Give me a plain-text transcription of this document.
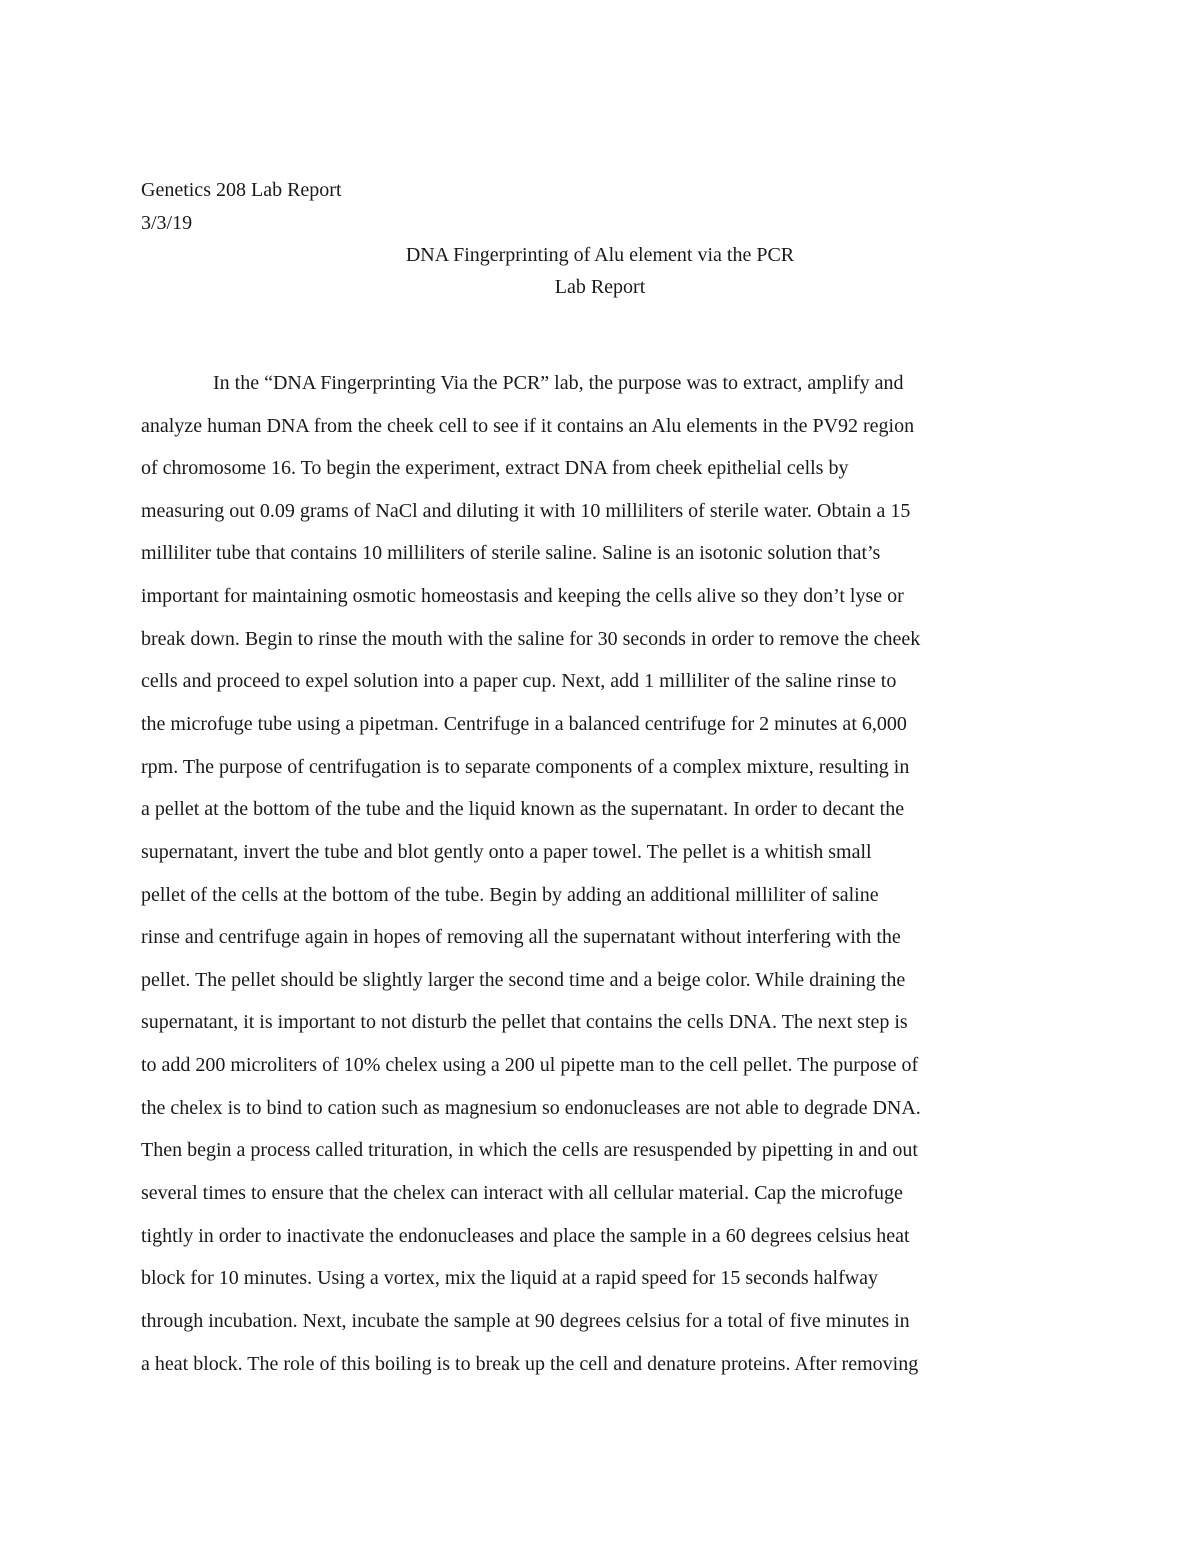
Genetics 208 Lab Report
3/3/19
DNA Fingerprinting of Alu element via the PCR
Lab Report
In the “DNA Fingerprinting Via the PCR” lab, the purpose was to extract, amplify and
analyze human DNA from the cheek cell to see if it contains an Alu elements in the PV92 region
of chromosome 16. To begin the experiment, extract DNA from cheek epithelial cells by
measuring out 0.09 grams of NaCl and diluting it with 10 milliliters of sterile water. Obtain a 15
milliliter tube that contains 10 milliliters of sterile saline. Saline is an isotonic solution that’s
important for maintaining osmotic homeostasis and keeping the cells alive so they don’t lyse or
break down. Begin to rinse the mouth with the saline for 30 seconds in order to remove the cheek
cells and proceed to expel solution into a paper cup. Next, add 1 milliliter of the saline rinse to
the microfuge tube using a pipetman. Centrifuge in a balanced centrifuge for 2 minutes at 6,000
rpm. The purpose of centrifugation is to separate components of a complex mixture, resulting in
a pellet at the bottom of the tube and the liquid known as the supernatant. In order to decant the
supernatant, invert the tube and blot gently onto a paper towel. The pellet is a whitish small
pellet of the cells at the bottom of the tube. Begin by adding an additional milliliter of saline
rinse and centrifuge again in hopes of removing all the supernatant without interfering with the
pellet. The pellet should be slightly larger the second time and a beige color. While draining the
supernatant, it is important to not disturb the pellet that contains the cells DNA. The next step is
to add 200 microliters of 10% chelex using a 200 ul pipette man to the cell pellet. The purpose of
the chelex is to bind to cation such as magnesium so endonucleases are not able to degrade DNA.
Then begin a process called trituration, in which the cells are resuspended by pipetting in and out
several times to ensure that the chelex can interact with all cellular material. Cap the microfuge
tightly in order to inactivate the endonucleases and place the sample in a 60 degrees celsius heat
block for 10 minutes. Using a vortex, mix the liquid at a rapid speed for 15 seconds halfway
through incubation. Next, incubate the sample at 90 degrees celsius for a total of five minutes in
a heat block. The role of this boiling is to break up the cell and denature proteins. After removing
